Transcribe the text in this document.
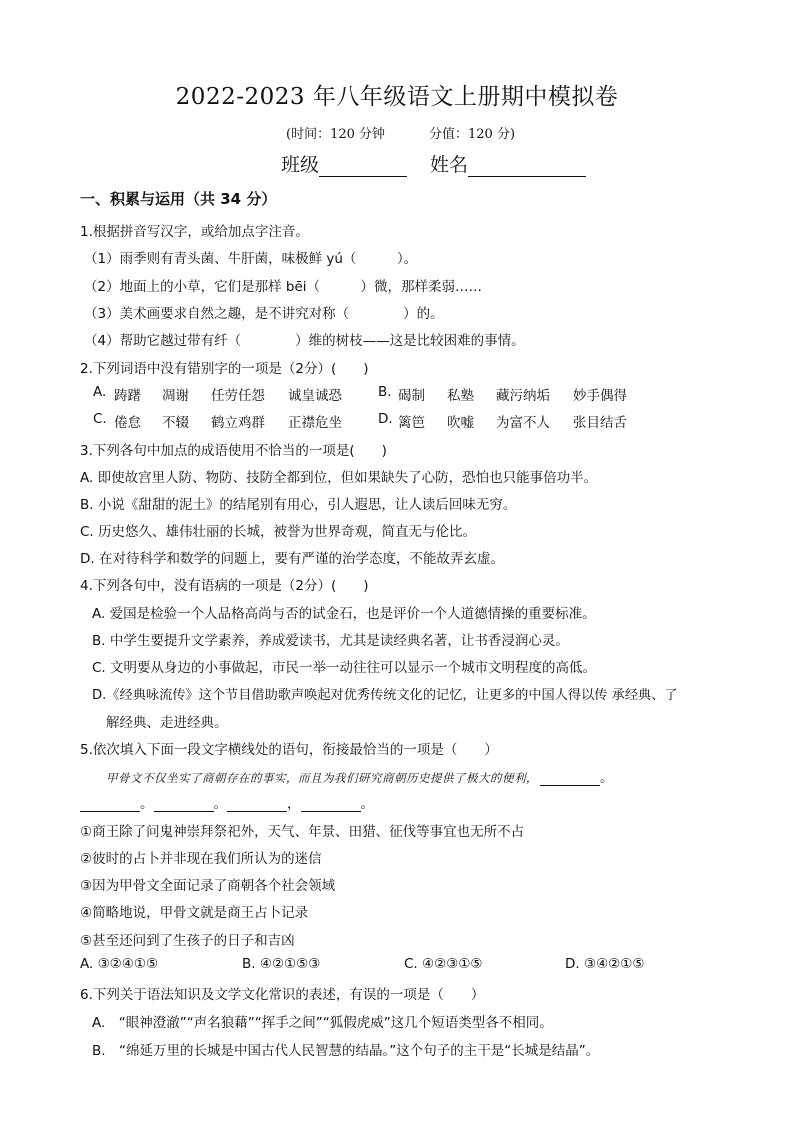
2022-2023 年八年级语文上册期中模拟卷
(时间：120 分钟	分值：120 分)
班级	姓名
一、积累与运用（共 34 分）
1.根据拼音写汉字，或给加点字注音。
（1）雨季则有青头菌、牛肝菌，味极鲜 yú（　　　）。
（2）地面上的小草，它们是那样 bēi（　　　）微，那样柔弱……
（3）美术画要求自然之趣，是不讲究对称（　　　　）的。
（4）帮助它越过带有纤（　　　　）维的树枝——这是比较困难的事情。
2.下列词语中没有错别字的一项是（2分）(　　)
A. 踌躇 凋谢 任劳任怨 诚皇诚恐	B. 碣制 私塾 藏污纳垢 妙手偶得
C. 倦怠 不辍 鹤立鸡群 正襟危坐	D. 篱笆 吹嘘 为富不人 张目结舌
3.下列各句中加点的成语使用不恰当的一项是(　　)
A. 即使故宫里人防、物防、技防全都到位，但如果缺失了心防，恐怕也只能事倍功半。
B. 小说《甜甜的泥土》的结尾别有用心，引人遐思，让人读后回味无穷。
C. 历史悠久、雄伟壮丽的长城，被誉为世界奇观，简直无与伦比。
D. 在对待科学和数学的问题上，要有严谨的治学态度，不能故弄玄虚。
4.下列各句中，没有语病的一项是（2分）(　　)
A. 爱国是检验一个人品格高尚与否的试金石，也是评价一个人道德情操的重要标准。
B. 中学生要提升文学素养，养成爱读书，尤其是读经典名著，让书香浸润心灵。
C. 文明要从身边的小事做起，市民一举一动往往可以显示一个城市文明程度的高低。
D.《经典咏流传》这个节目借助歌声唤起对优秀传统文化的记忆，让更多的中国人得以传 承经典、了
解经典、走进经典。
5.依次填入下面一段文字横线处的语句，衔接最恰当的一项是（　　）
甲骨文不仅坐实了商朝存在的事实，而且为我们研究商朝历史提供了极大的便利，	。
。	。	，	。
①商王除了问鬼神崇拜祭祀外，天气、年景、田猎、征伐等事宜也无所不占
②彼时的占卜并非现在我们所认为的迷信
③因为甲骨文全面记录了商朝各个社会领域
④简略地说，甲骨文就是商王占卜记录
⑤甚至还问到了生孩子的日子和吉凶
A. ③②④①⑤	B. ④②①⑤③	C. ④②③①⑤	D. ③④②①⑤
6.下列关于语法知识及文学文化常识的表述，有误的一项是（　　）
A.　“眼神澄澈”“声名狼藉”“挥手之间”“狐假虎威”这几个短语类型各不相同。
B.　“绵延万里的长城是中国古代人民智慧的结晶。”这个句子的主干是“长城是结晶”。
